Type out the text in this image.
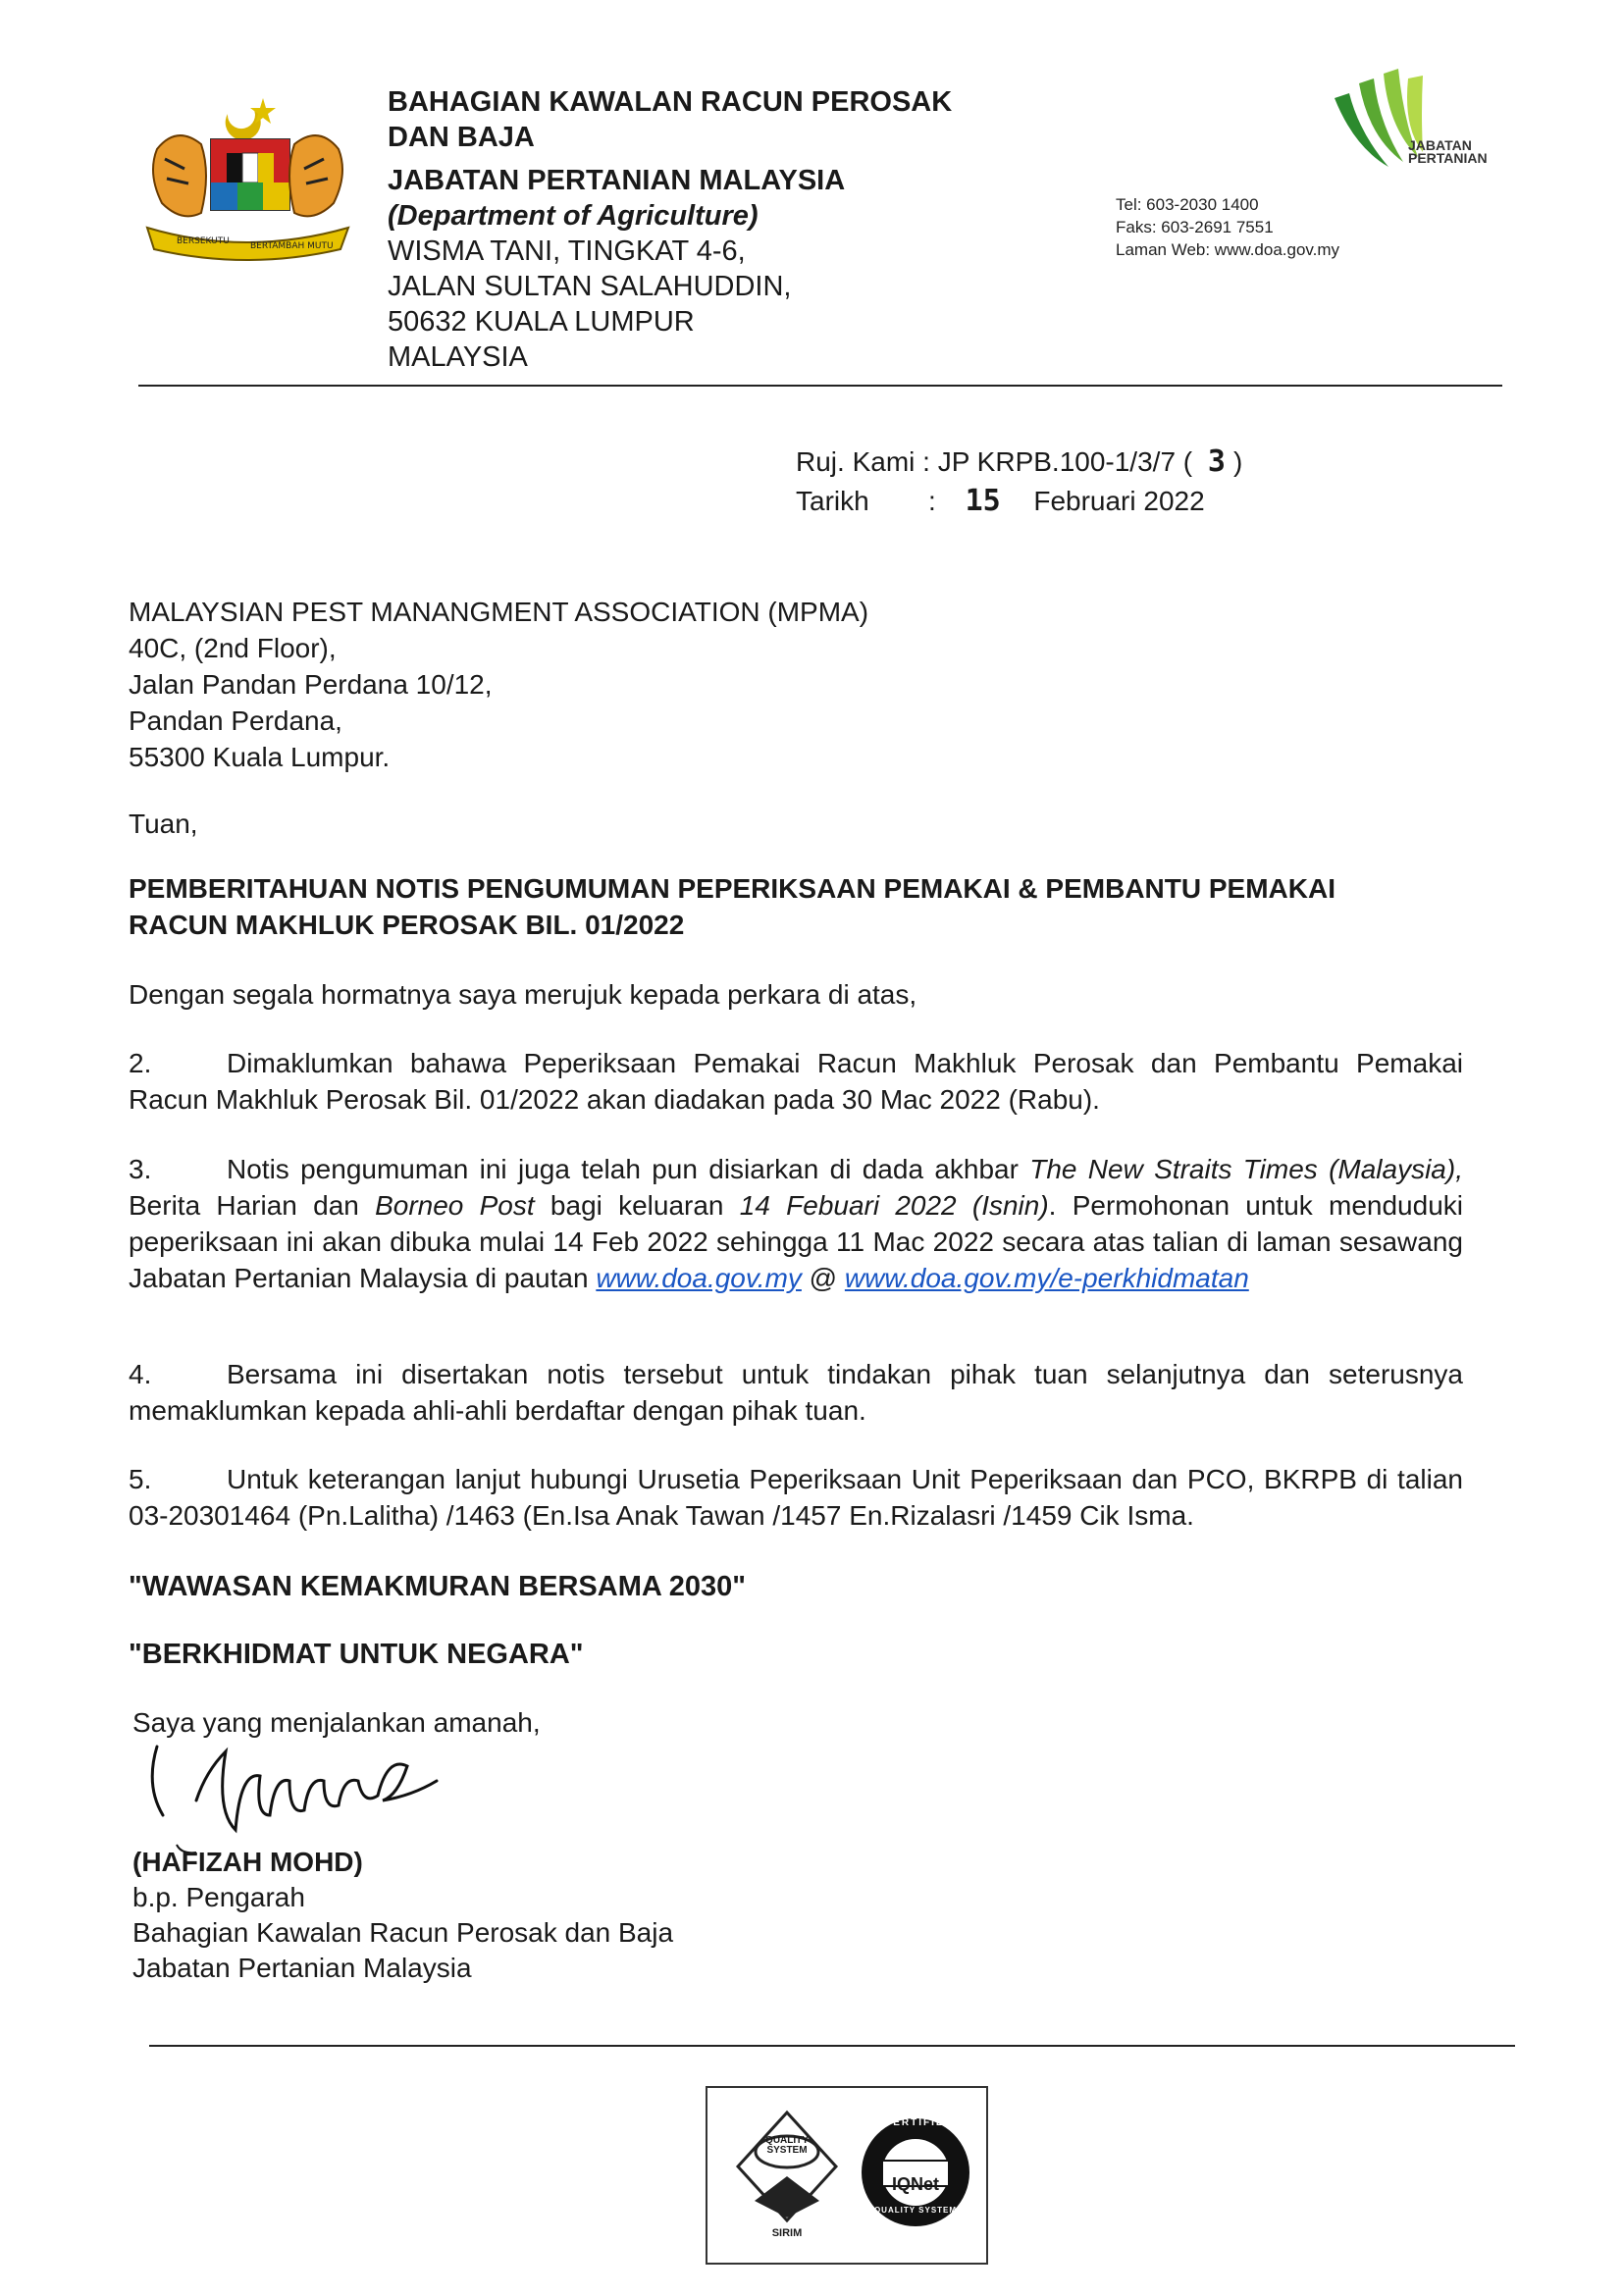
BERSEKUTU BERTAMBAH MUTU

BAHAGIAN KAWALAN RACUN PEROSAK

DAN BAJA

JABATAN PERTANIAN MALAYSIA

(Department of Agriculture)

WISMA TANI, TINGKAT 4-6,

JALAN SULTAN SALAHUDDIN,

50632 KUALA LUMPUR

MALAYSIA

JABATAN
PERTANIAN
Tel: 603-2030 1400
Faks: 603-2691 7551
Laman Web: www.doa.gov.my
Ruj. Kami : JP KRPB.100-1/3/7 ( 3 )
Tarikh : 15 Februari 2022
MALAYSIAN PEST MANANGMENT ASSOCIATION (MPMA)
40C, (2nd Floor),
Jalan Pandan Perdana 10/12,
Pandan Perdana,
55300 Kuala Lumpur.
Tuan,
PEMBERITAHUAN NOTIS PENGUMUMAN PEPERIKSAAN PEMAKAI & PEMBANTU PEMAKAI
RACUN MAKHLUK PEROSAK BIL. 01/2022
Dengan segala hormatnya saya merujuk kepada perkara di atas,
2.	Dimaklumkan bahawa Peperiksaan Pemakai Racun Makhluk Perosak dan Pembantu Pemakai Racun Makhluk Perosak Bil. 01/2022 akan diadakan pada 30 Mac 2022 (Rabu).
3.	Notis pengumuman ini juga telah pun disiarkan di dada akhbar The New Straits Times (Malaysia), Berita Harian dan Borneo Post bagi keluaran 14 Febuari 2022 (Isnin). Permohonan untuk menduduki peperiksaan ini akan dibuka mulai 14 Feb 2022 sehingga 11 Mac 2022 secara atas talian di laman sesawang Jabatan Pertanian Malaysia di pautan www.doa.gov.my @ www.doa.gov.my/e-perkhidmatan
4.	Bersama ini disertakan notis tersebut untuk tindakan pihak tuan selanjutnya dan seterusnya memaklumkan kepada ahli-ahli berdaftar dengan pihak tuan.
5.	Untuk keterangan lanjut hubungi Urusetia Peperiksaan Unit Peperiksaan dan PCO, BKRPB di talian 03-20301464 (Pn.Lalitha) /1463 (En.Isa Anak Tawan /1457 En.Rizalasri /1459 Cik Isma.
"WAWASAN KEMAKMURAN BERSAMA 2030"
"BERKHIDMAT UNTUK NEGARA"
Saya yang menjalankan amanah,
(HAFIZAH MOHD)
b.p. Pengarah
Bahagian Kawalan Racun Perosak dan Baja
Jabatan Pertanian Malaysia
QUALITY
SYSTEM
SIRIM
CERTIFIED
IQNet
QUALITY SYSTEM
